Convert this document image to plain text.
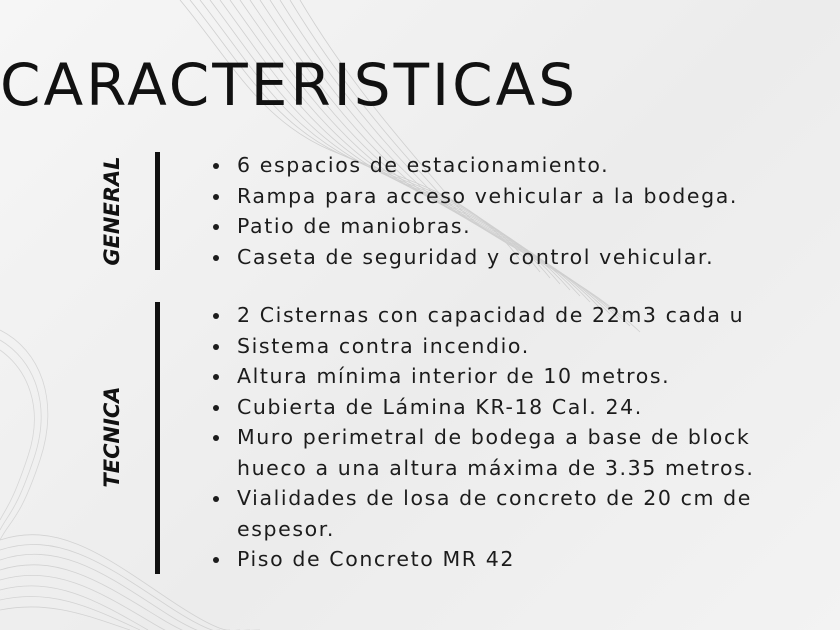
CARACTERISTICAS
GENERAL	6 espacios de estacionamiento.
Rampa para acceso vehicular a la bodega.
Patio de maniobras.
Caseta de seguridad y control vehicular.
TECNICA
2 Cisternas con capacidad de 22m3 cada u
Sistema contra incendio.
Altura mínima interior de 10 metros.
Cubierta de Lámina KR-18 Cal. 24.
Muro perimetral de bodega a base de block
hueco a una altura máxima de 3.35 metros.
Vialidades de losa de concreto de 20 cm de
espesor.
Piso de Concreto MR 42
